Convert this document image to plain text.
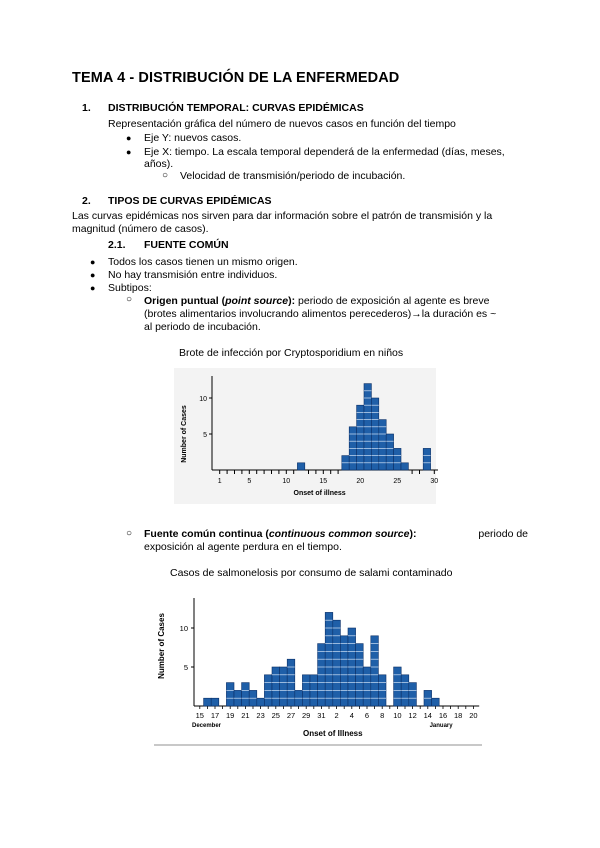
TEMA 4 - DISTRIBUCIÓN DE LA ENFERMEDAD
1. DISTRIBUCIÓN TEMPORAL: CURVAS EPIDÉMICAS
Representación gráfica del número de nuevos casos en función del tiempo
● Eje Y: nuevos casos.
● Eje X: tiempo. La escala temporal dependerá de la enfermedad (días, meses,
años).
○ Velocidad de transmisión/periodo de incubación.
2. TIPOS DE CURVAS EPIDÉMICAS
Las curvas epidémicas nos sirven para dar información sobre el patrón de transmisión y la
magnitud (número de casos).
2.1. FUENTE COMÚN
● Todos los casos tienen un mismo origen.
● No hay transmisión entre individuos.
● Subtipos:
○ Origen puntual (point source): periodo de exposición al agente es breve
(brotes alimentarios involucrando alimentos perecederos)→la duración es ~
al periodo de incubación.
Brote de infección por Cryptosporidium en niños
5
10
1	5	10	15	20	25	30
Onset of illness
Number of Cases
○ Fuente común continua (continuous common source):	periodo de
exposición al agente perdura en el tiempo.
Casos de salmonelosis por consumo de salami contaminado
5
10
15 17 19 21 23 25 27 29 31 2 4 6 8 10 12 14 16 18 20
December	January
Onset of Illness
Number of Cases
